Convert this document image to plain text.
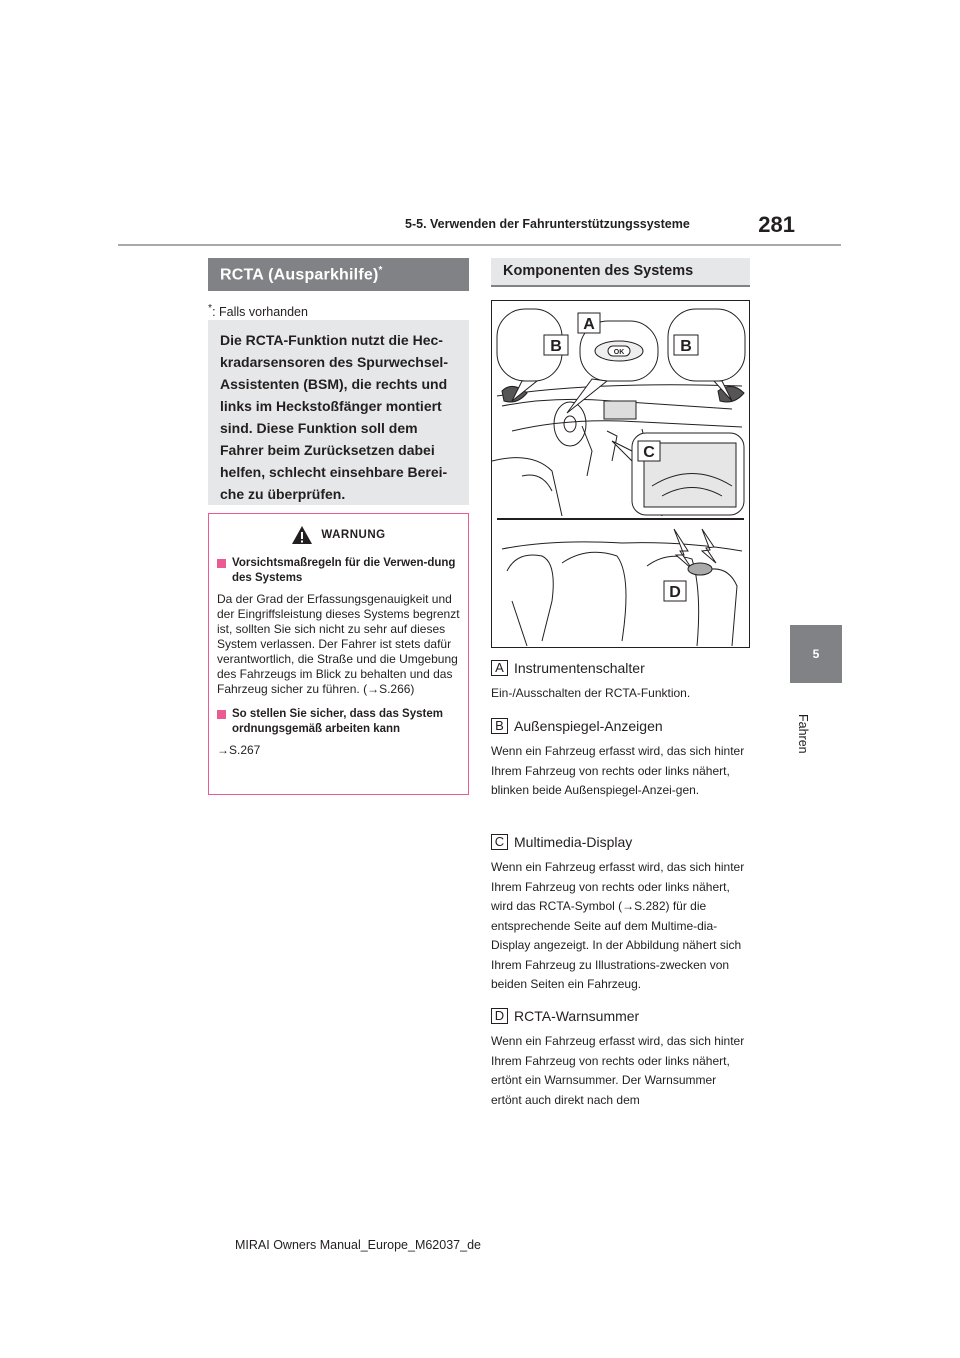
5-5. Verwenden der Fahrunterstützungssysteme	281
5
Fahren
RCTA (Ausparkhilfe)*
*: Falls vorhanden
Die RCTA-Funktion nutzt die Hec-
kradarsensoren des Spurwechsel-
Assistenten (BSM), die rechts und
links im Heckstoßfänger montiert
sind. Diese Funktion soll dem
Fahrer beim Zurücksetzen dabei
helfen, schlecht einsehbare Berei-
che zu überprüfen.
WARNUNG
Vorsichtsmaßregeln für die Verwen-dung des Systems
Da der Grad der Erfassungsgenauigkeit und der Eingriffsleistung dieses Systems begrenzt ist, sollten Sie sich nicht zu sehr auf dieses System verlassen. Der Fahrer ist stets dafür verantwortlich, die Straße und die Umgebung des Fahrzeugs im Blick zu behalten und das Fahrzeug sicher zu führen. (→S.266)
So stellen Sie sicher, dass das System ordnungsgemäß arbeiten kann
→S.267
Komponenten des Systems
A
B	B
C
D
OK
A Instrumentenschalter
Ein-/Ausschalten der RCTA-Funktion.
B Außenspiegel-Anzeigen
Wenn ein Fahrzeug erfasst wird, das sich hinter Ihrem Fahrzeug von rechts oder links nähert, blinken beide Außenspiegel-Anzei-gen.
C Multimedia-Display
Wenn ein Fahrzeug erfasst wird, das sich hinter Ihrem Fahrzeug von rechts oder links nähert, wird das RCTA-Symbol (→S.282) für die entsprechende Seite auf dem Multime-dia-Display angezeigt. In der Abbildung nähert sich Ihrem Fahrzeug zu Illustrations-zwecken von beiden Seiten ein Fahrzeug.
D RCTA-Warnsummer
Wenn ein Fahrzeug erfasst wird, das sich hinter Ihrem Fahrzeug von rechts oder links nähert, ertönt ein Warnsummer. Der Warnsummer ertönt auch direkt nach dem
MIRAI Owners Manual_Europe_M62037_de
